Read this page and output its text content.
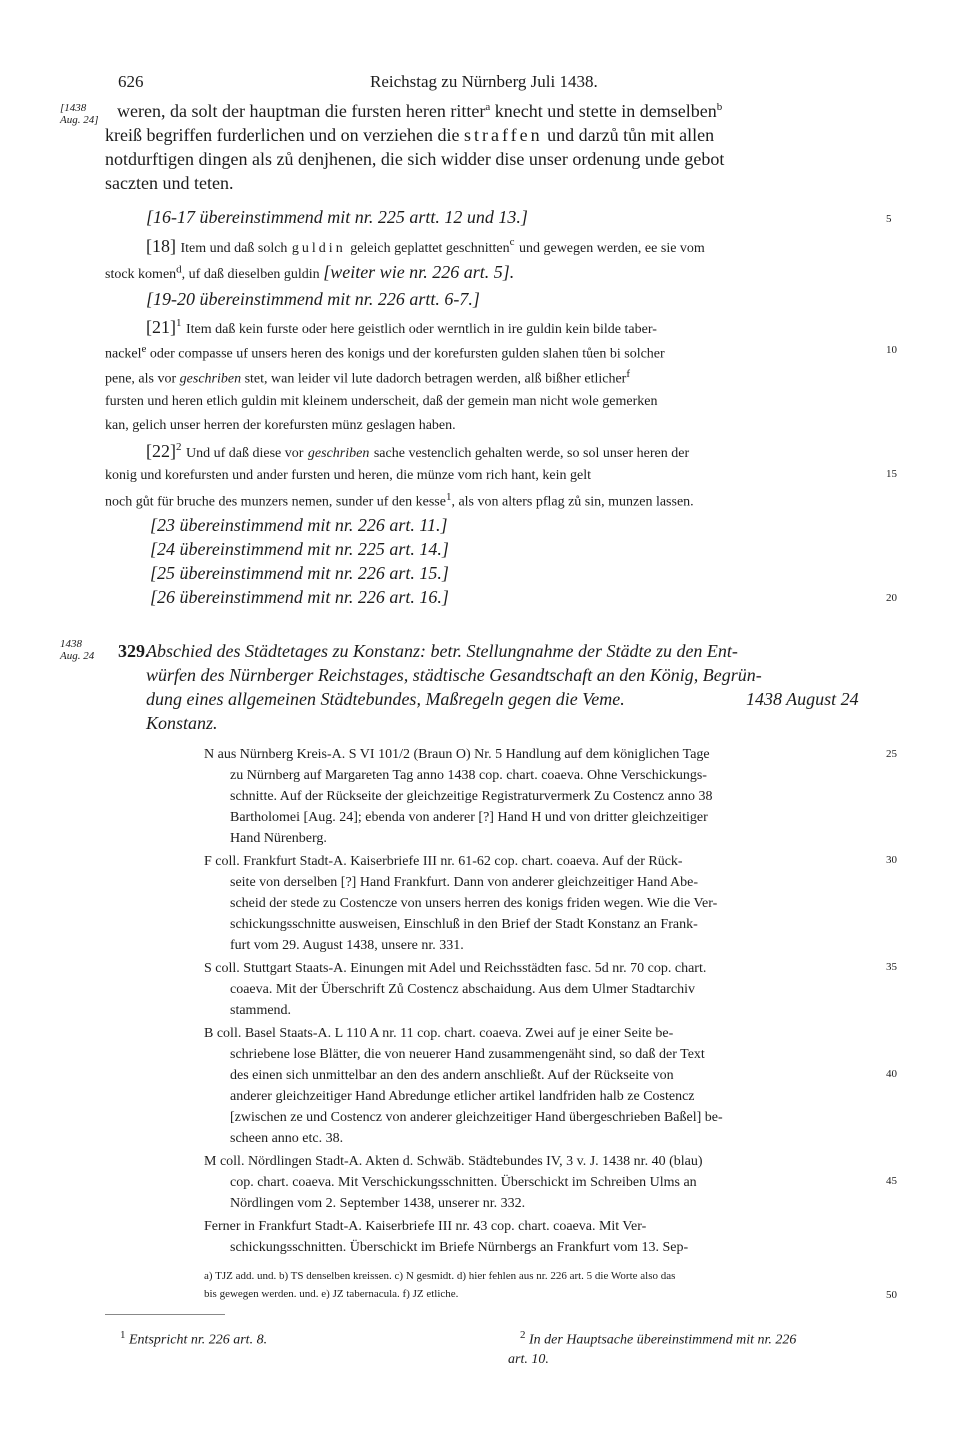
626	Reichstag zu Nürnberg Juli 1438.
[1438
Aug. 24] weren, da solt der hauptman die fursten heren ritter$^a$ knecht und stette in demselben$^b$
kreiß begriffen furderlichen und on verziehen die straffen und darzů tůn mit allen
notdurftigen dingen als zů denjhenen, die sich widder dise unser ordenung unde gebot
saczten und teten.
[16-17 übereinstimmend mit nr. 225 artt. 12 und 13.]
[18] Item und daß solch guldin geleich geplattet geschnitten$^c$ und gewegen werden, ee sie vom
stock komen$^d$, uf daß dieselben guldin [weiter wie nr. 226 art. 5].
[19-20 übereinstimmend mit nr. 226 artt. 6-7.]
$[21]^1$ Item daß kein furste oder here geistlich oder werntlich in ire guldin kein bilde taber-
nackel$^e$ oder compasse uf unsers heren des konigs und der korefursten gulden slahen tůen bi solcher
pene, als vor geschriben stet, wan leider vil lute dadorch betragen werden, alß bißher etlicher$^f$
fursten und heren etlich guldin mit kleinem underscheit, daß der gemein man nicht wole gemerken
kan, gelich unser herren der korefursten münz geslagen haben.
$[22]^2$ Und uf daß diese vor geschriben sache vestenclich gehalten werde, so sol unser heren der
konig und korefursten und ander fursten und heren, die münze vom rich hant, kein gelt
noch gůt für bruche des munzers nemen, sunder uf den kesse$^1$, als von alters pflag zů sin, munzen lassen.
[23 übereinstimmend mit nr. 226 art. 11.]
[24 übereinstimmend mit nr. 225 art. 14.]
[25 übereinstimmend mit nr. 226 art. 15.]
[26 übereinstimmend mit nr. 226 art. 16.]
1438
Aug. 24 329.
Abschied des Städtetages zu Konstanz: betr. Stellungnahme der Städte zu den Ent-
würfen des Nürnberger Reichstages, städtische Gesandtschaft an den König, Begrün-
dung eines allgemeinen Städtebundes, Maßregeln gegen die Veme.	1438 August 24
Konstanz.
N aus Nürnberg Kreis-A. S VI 101/2 (Braun O) Nr. 5 Handlung auf dem königlichen Tage
zu Nürnberg auf Margareten Tag anno 1438 cop. chart. coaeva. Ohne Verschickungs-
schnitte. Auf der Rückseite der gleichzeitige Registraturvermerk Zu Costencz anno 38
Bartholomei [Aug. 24]; ebenda von anderer [?] Hand H und von dritter gleichzeitiger
Hand Nürenberg.
F coll. Frankfurt Stadt-A. Kaiserbriefe III nr. 61-62 cop. chart. coaeva. Auf der Rück-
seite von derselben [?] Hand Frankfurt. Dann von anderer gleichzeitiger Hand Abe-
scheid der stede zu Costencze von unsers herren des konigs friden wegen. Wie die Ver-
schickungsschnitte ausweisen, Einschluß in den Brief der Stadt Konstanz an Frank-
furt vom 29. August 1438, unsere nr. 331.
S coll. Stuttgart Staats-A. Einungen mit Adel und Reichsstädten fasc. 5d nr. 70 cop. chart.
coaeva. Mit der Überschrift Zů Costencz abschaidung. Aus dem Ulmer Stadtarchiv
stammend.
B coll. Basel Staats-A. L 110 A nr. 11 cop. chart. coaeva. Zwei auf je einer Seite be-
schriebene lose Blätter, die von neuerer Hand zusammengenäht sind, so daß der Text
des einen sich unmittelbar an den des andern anschließt. Auf der Rückseite von
anderer gleichzeitiger Hand Abredunge etlicher artikel landfriden halb ze Costencz
[zwischen ze und Costencz von anderer gleichzeitiger Hand übergeschrieben Baßel] be-
scheen anno etc. 38.
M coll. Nördlingen Stadt-A. Akten d. Schwäb. Städtebundes IV, 3 v. J. 1438 nr. 40 (blau)
cop. chart. coaeva. Mit Verschickungsschnitten. Überschickt im Schreiben Ulms an
Nördlingen vom 2. September 1438, unserer nr. 332.
Ferner in Frankfurt Stadt-A. Kaiserbriefe III nr. 43 cop. chart. coaeva. Mit Ver-
schickungsschnitten. Überschickt im Briefe Nürnbergs an Frankfurt vom 13. Sep-
a) TJZ add. und. b) TS denselben kreissen. c) N gesmidt. d) hier fehlen aus nr. 226 art. 5 die Worte also das
bis gewegen werden. und. e) JZ tabernacula. f) JZ etliche.
$^1$ Entspricht nr. 226 art. 8.	$^2$ In der Hauptsache übereinstimmend mit nr. 226
art. 10.
5
10
15
20
25
30
35
40
45
50
